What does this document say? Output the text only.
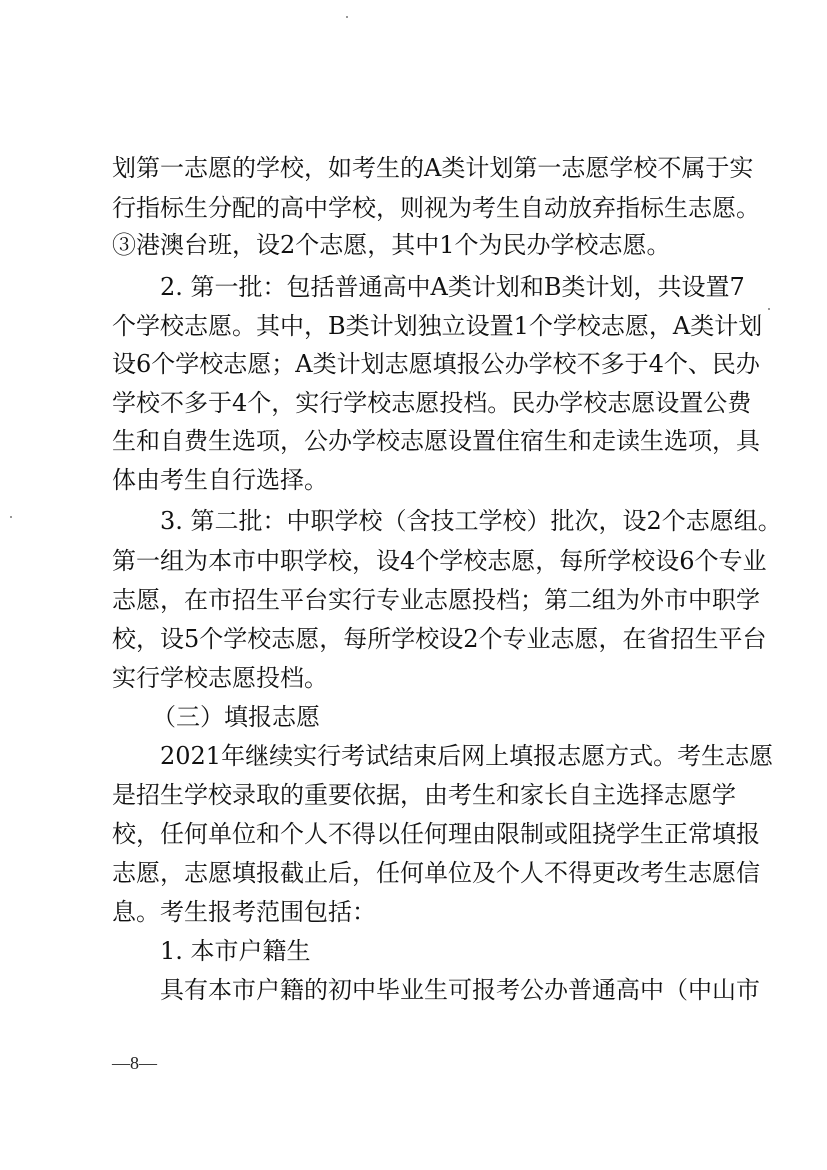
划第一志愿的学校，如考生的A类计划第一志愿学校不属于实
行指标生分配的高中学校，则视为考生自动放弃指标生志愿。
③港澳台班，设2个志愿，其中1个为民办学校志愿。
2. 第一批：包括普通高中A类计划和B类计划，共设置7
个学校志愿。其中，B类计划独立设置1个学校志愿，A类计划
设6个学校志愿；A类计划志愿填报公办学校不多于4个、民办
学校不多于4个，实行学校志愿投档。民办学校志愿设置公费
生和自费生选项，公办学校志愿设置住宿生和走读生选项，具
体由考生自行选择。
3. 第二批：中职学校（含技工学校）批次，设2个志愿组。
第一组为本市中职学校，设4个学校志愿，每所学校设6个专业
志愿，在市招生平台实行专业志愿投档；第二组为外市中职学
校，设5个学校志愿，每所学校设2个专业志愿，在省招生平台
实行学校志愿投档。
（三）填报志愿
2021年继续实行考试结束后网上填报志愿方式。考生志愿
是招生学校录取的重要依据，由考生和家长自主选择志愿学
校，任何单位和个人不得以任何理由限制或阻挠学生正常填报
志愿，志愿填报截止后，任何单位及个人不得更改考生志愿信
息。考生报考范围包括：
1. 本市户籍生
具有本市户籍的初中毕业生可报考公办普通高中（中山市
—8—
